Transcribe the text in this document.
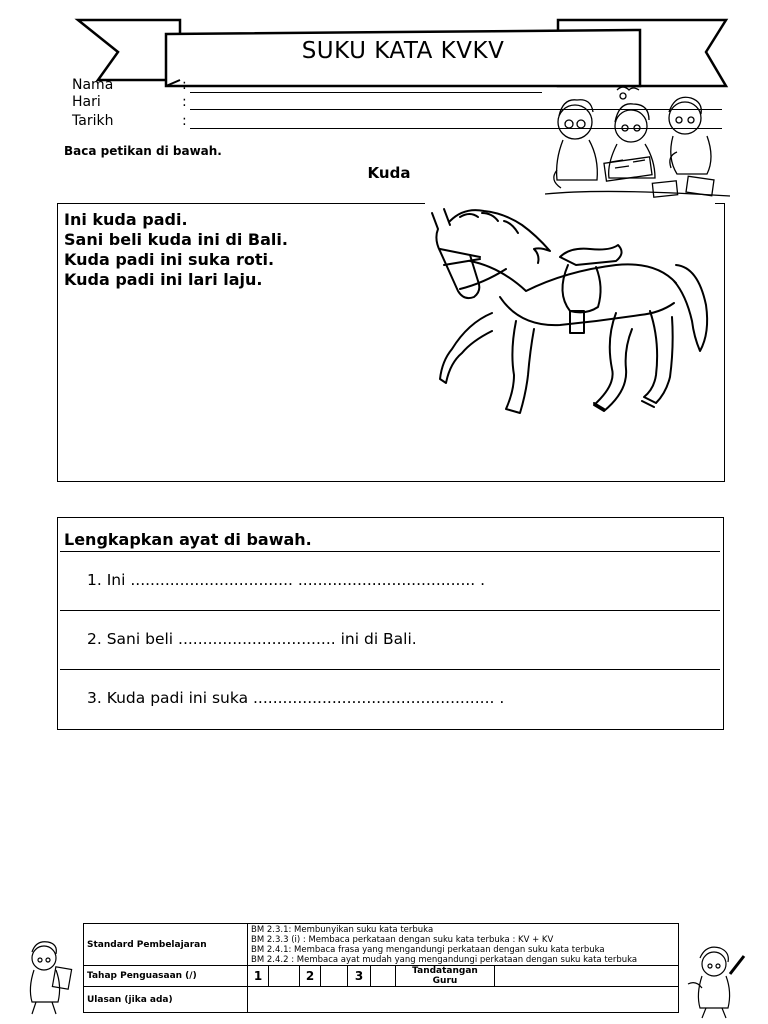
SUKU KATA KVKV
Nama	:
Hari	:
Tarikh	:
Baca petikan di bawah.
Kuda
Ini kuda padi.
Sani beli kuda ini di Bali.
Kuda padi ini suka roti.
Kuda padi ini lari laju.
Lengkapkan ayat di bawah.
1. Ini ................................. .................................... .
2. Sani beli ................................ ini di Bali.
3. Kuda padi ini suka ................................................. .
Standard Pembelajaran	BM 2.3.1: Membunyikan suku kata terbuka
BM 2.3.3 (i) : Membaca perkataan dengan suku kata terbuka : KV + KV
BM 2.4.1: Membaca frasa yang mengandungi perkataan dengan suku kata terbuka
BM 2.4.2 : Membaca ayat mudah yang mengandungi perkataan dengan suku kata terbuka							

Tahap Penguasaan (/)	1		2		3		Tandatangan Guru	
Ulasan (jika ada)								
